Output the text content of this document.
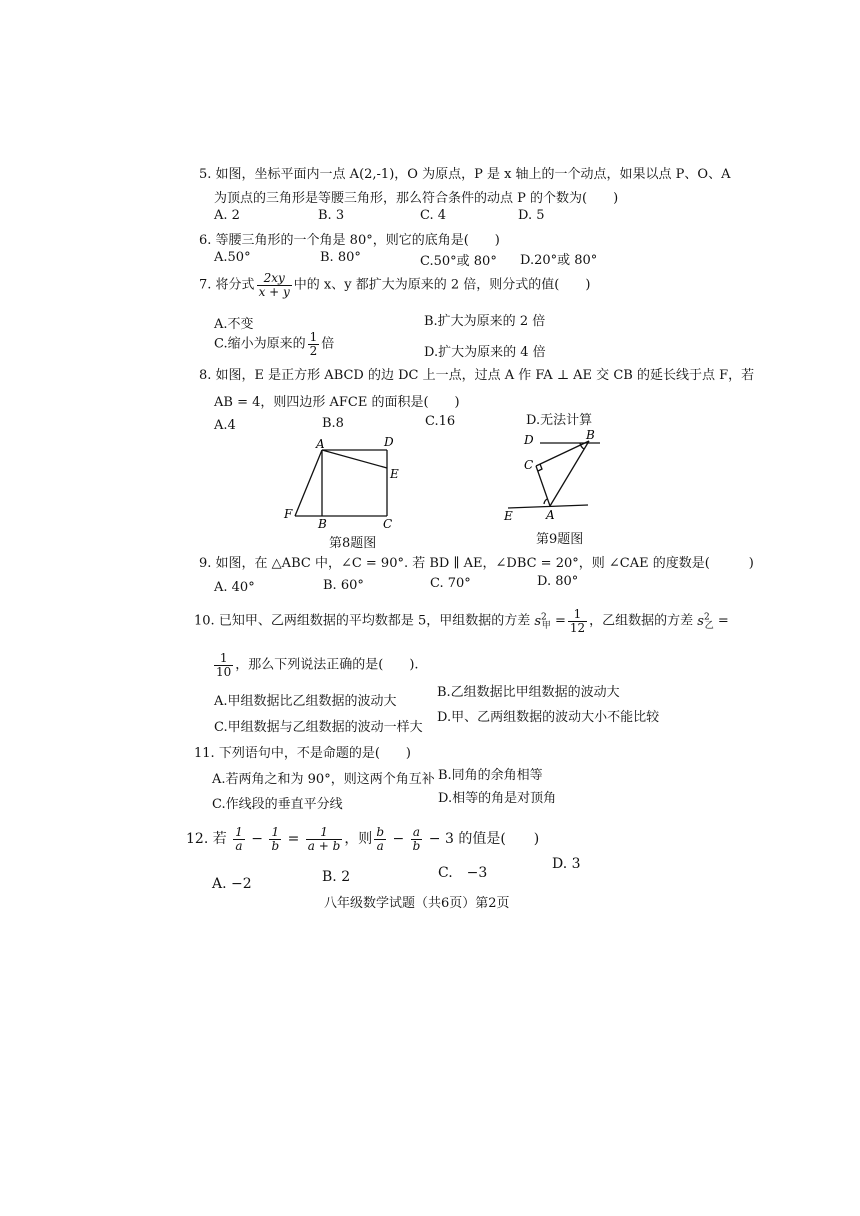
5. 如图，坐标平面内一点 A(2,-1)，O 为原点，P 是 x 轴上的一个动点，如果以点 P、O、A
为顶点的三角形是等腰三角形，那么符合条件的动点 P 的个数为(　　)
A. 2	B. 3	C. 4	D. 5
6. 等腰三角形的一个角是 80°，则它的底角是(　　)
A.50°	B. 80°	C.50°或 80° D.20°或 80°
7. 将分式 $\frac{2xy}{x + y}$ 中的 x、y 都扩大为原来的 2 倍，则分式的值(　　)
A.不变	B.扩大为原来的 2 倍
C.缩小为原来的 $\frac{1}{2}$ 倍
D.扩大为原来的 4 倍
8. 如图，E 是正方形 ABCD 的边 DC 上一点，过点 A 作 FA ⊥ AE 交 CB 的延长线于点 F，若
AB = 4，则四边形 AFCE 的面积是(　　)
A.4	B.8	C.16	D.无法计算
A	D
E
F
B	C
第8题图
D	B
C
E	A
第9题图
9. 如图，在 △ABC 中，∠C = 90°. 若 BD ∥ AE，∠DBC = 20°，则 ∠CAE 的度数是(　　　)
A. 40°	B. 60°	C. 70°	D. 80°
10. 已知甲、乙两组数据的平均数都是 5，甲组数据的方差 $s^2_甲 = \frac{1}{12}$ ，乙组数据的方差 $s^2_乙$ =
$\frac{1}{10}$ ，那么下列说法正确的是(　　).
A.甲组数据比乙组数据的波动大
B.乙组数据比甲组数据的波动大
C.甲组数据与乙组数据的波动一样大
D.甲、乙两组数据的波动大小不能比较
11. 下列语句中，不是命题的是(　　)
A.若两角之和为 90°，则这两个角互补 B.同角的余角相等
C.作线段的垂直平分线	D.相等的角是对顶角
12. 若 $\frac{1}{a} - \frac{1}{b} = \frac{1}{a + b}$ ，则 $\frac{b}{a} - \frac{a}{b} - 3$ 的值是(　　)
A. −2	B. 2	C.　−3
D. 3
八年级数学试题（共6页）第2页
